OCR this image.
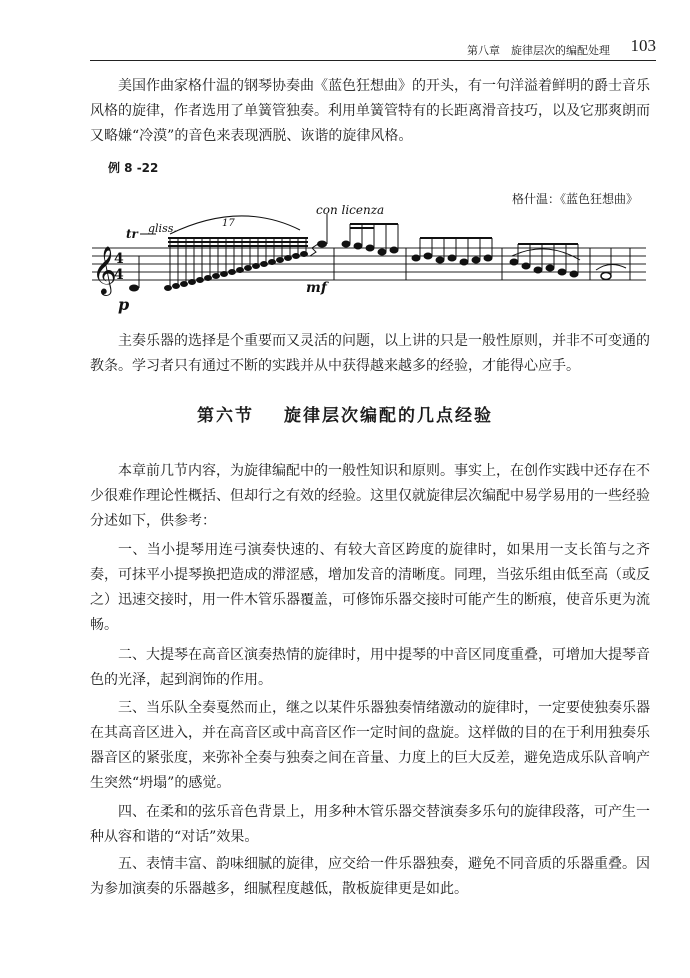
第八章　旋律层次的编配处理 103

美国作曲家格什温的钢琴协奏曲《蓝色狂想曲》的开头，有一句洋溢着鲜明的爵士音乐风格的旋律，作者选用了单簧管独奏。利用单簧管特有的长距离滑音技巧，以及它那爽朗而又略嫌“冷漠”的音色来表现洒脱、诙谐的旋律风格。

例 8 -22
格什温：《蓝色狂想曲》
𝄞
4
4
tr
p
gliss.	17
mf
con licenza

主奏乐器的选择是个重要而又灵活的问题，以上讲的只是一般性原则，并非不可变通的教条。学习者只有通过不断的实践并从中获得越来越多的经验，才能得心应手。

第六节 旋律层次编配的几点经验

本章前几节内容，为旋律编配中的一般性知识和原则。事实上，在创作实践中还存在不少很难作理论性概括、但却行之有效的经验。这里仅就旋律层次编配中易学易用的一些经验分述如下，供参考：

一、当小提琴用连弓演奏快速的、有较大音区跨度的旋律时，如果用一支长笛与之齐奏，可抹平小提琴换把造成的滞涩感，增加发音的清晰度。同理，当弦乐组由低至高（或反之）迅速交接时，用一件木管乐器覆盖，可修饰乐器交接时可能产生的断痕，使音乐更为流畅。

二、大提琴在高音区演奏热情的旋律时，用中提琴的中音区同度重叠，可增加大提琴音色的光泽，起到润饰的作用。

三、当乐队全奏戛然而止，继之以某件乐器独奏情绪激动的旋律时，一定要使独奏乐器在其高音区进入，并在高音区或中高音区作一定时间的盘旋。这样做的目的在于利用独奏乐器音区的紧张度，来弥补全奏与独奏之间在音量、力度上的巨大反差，避免造成乐队音响产生突然“坍塌”的感觉。

四、在柔和的弦乐音色背景上，用多种木管乐器交替演奏多乐句的旋律段落，可产生一种从容和谐的“对话”效果。

五、表情丰富、韵味细腻的旋律，应交给一件乐器独奏，避免不同音质的乐器重叠。因为参加演奏的乐器越多，细腻程度越低，散板旋律更是如此。
